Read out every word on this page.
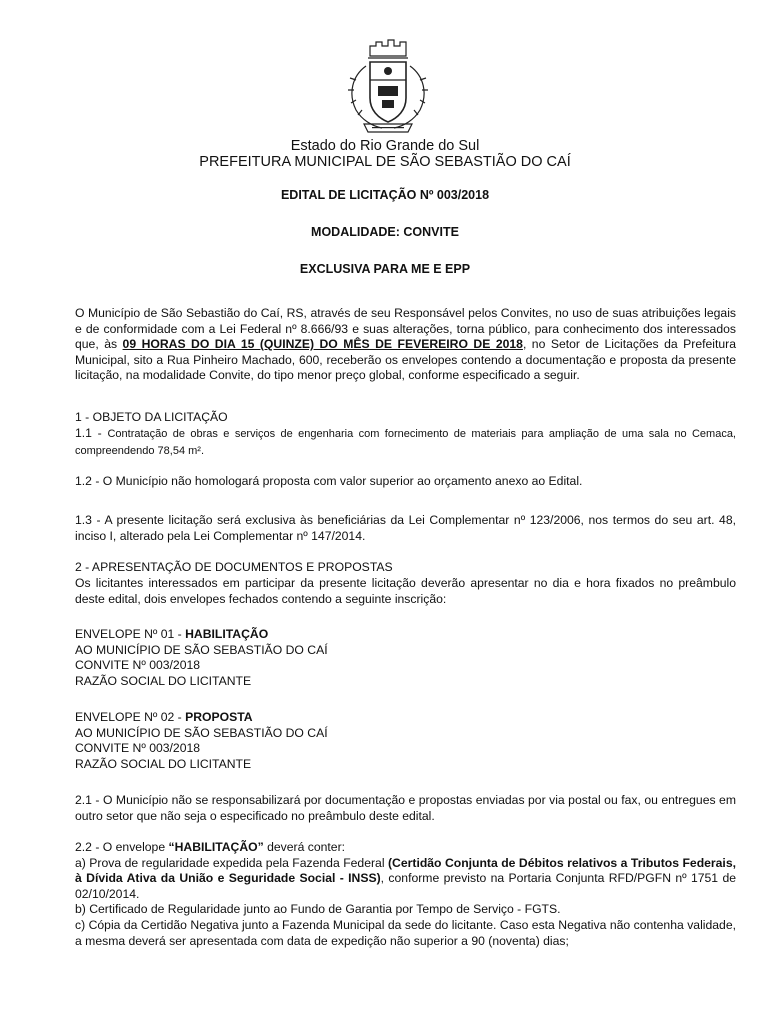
Estado do Rio Grande do Sul
PREFEITURA MUNICIPAL DE SÃO SEBASTIÃO DO CAÍ
EDITAL DE LICITAÇÃO Nº 003/2018
MODALIDADE: CONVITE
EXCLUSIVA PARA ME E EPP
O Município de São Sebastião do Caí, RS, através de seu Responsável pelos Convites, no uso de suas atribuições legais e de conformidade com a Lei Federal nº 8.666/93 e suas alterações, torna público, para conhecimento dos interessados que, às 09 HORAS DO DIA 15 (QUINZE) DO MÊS DE FEVEREIRO DE 2018, no Setor de Licitações da Prefeitura Municipal, sito a Rua Pinheiro Machado, 600, receberão os envelopes contendo a documentação e proposta da presente licitação, na modalidade Convite, do tipo menor preço global, conforme especificado a seguir.
1 - OBJETO DA LICITAÇÃO
1.1 - Contratação de obras e serviços de engenharia com fornecimento de materiais para ampliação de uma sala no Cemaca, compreendendo 78,54 m².
1.2 - O Município não homologará proposta com valor superior ao orçamento anexo ao Edital.
1.3 - A presente licitação será exclusiva às beneficiárias da Lei Complementar nº 123/2006, nos termos do seu art. 48, inciso I, alterado pela Lei Complementar nº 147/2014.
2 - APRESENTAÇÃO DE DOCUMENTOS E PROPOSTAS
Os licitantes interessados em participar da presente licitação deverão apresentar no dia e hora fixados no preâmbulo deste edital, dois envelopes fechados contendo a seguinte inscrição:

ENVELOPE Nº 01 - HABILITAÇÃO

AO MUNICÍPIO DE SÃO SEBASTIÃO DO CAÍ

CONVITE Nº 003/2018

RAZÃO SOCIAL DO LICITANTE

ENVELOPE Nº 02 - PROPOSTA

AO MUNICÍPIO DE SÃO SEBASTIÃO DO CAÍ

CONVITE Nº 003/2018

RAZÃO SOCIAL DO LICITANTE

2.1 - O Município não se responsabilizará por documentação e propostas enviadas por via postal ou fax, ou entregues em outro setor que não seja o especificado no preâmbulo deste edital.

2.2 - O envelope “HABILITAÇÃO” deverá conter:

a) Prova de regularidade expedida pela Fazenda Federal (Certidão Conjunta de Débitos relativos a Tributos Federais, à Dívida Ativa da União e Seguridade Social - INSS), conforme previsto na Portaria Conjunta RFD/PGFN nº 1751 de 02/10/2014.

b) Certificado de Regularidade junto ao Fundo de Garantia por Tempo de Serviço - FGTS.

c) Cópia da Certidão Negativa junto a Fazenda Municipal da sede do licitante. Caso esta Negativa não contenha validade, a mesma deverá ser apresentada com data de expedição não superior a 90 (noventa) dias;
